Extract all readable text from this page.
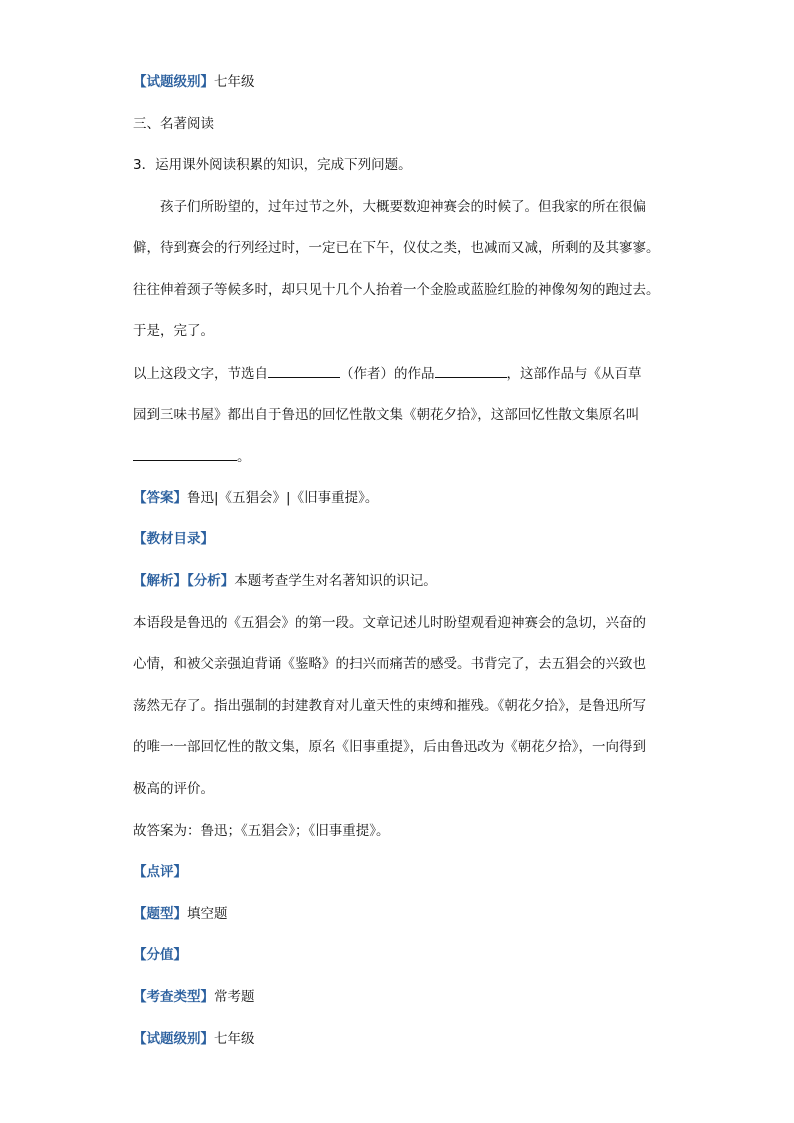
【试题级别】七年级
三、名著阅读
3．运用课外阅读积累的知识，完成下列问题。
孩子们所盼望的，过年过节之外，大概要数迎神赛会的时候了。但我家的所在很偏
僻，待到赛会的行列经过时，一定已在下午，仪仗之类，也减而又减，所剩的及其寥寥。
往往伸着颈子等候多时，却只见十几个人抬着一个金脸或蓝脸红脸的神像匆匆的跑过去。
于是，完了。
以上这段文字，节选自	（作者）的作品	，这部作品与《从百草
园到三味书屋》都出自于鲁迅的回忆性散文集《朝花夕拾》，这部回忆性散文集原名叫
。
【答案】鲁迅|《五猖会》|《旧事重提》。
【教材目录】
【解析】【分析】本题考查学生对名著知识的识记。
本语段是鲁迅的《五猖会》的第一段。文章记述儿时盼望观看迎神赛会的急切，兴奋的
心情，和被父亲强迫背诵《鉴略》的扫兴而痛苦的感受。书背完了，去五猖会的兴致也
荡然无存了。指出强制的封建教育对儿童天性的束缚和摧残。《朝花夕拾》，是鲁迅所写
的唯一一部回忆性的散文集，原名《旧事重提》，后由鲁迅改为《朝花夕拾》，一向得到
极高的评价。
故答案为：鲁迅；《五猖会》；《旧事重提》。
【点评】
【题型】填空题
【分值】
【考查类型】常考题
【试题级别】七年级
